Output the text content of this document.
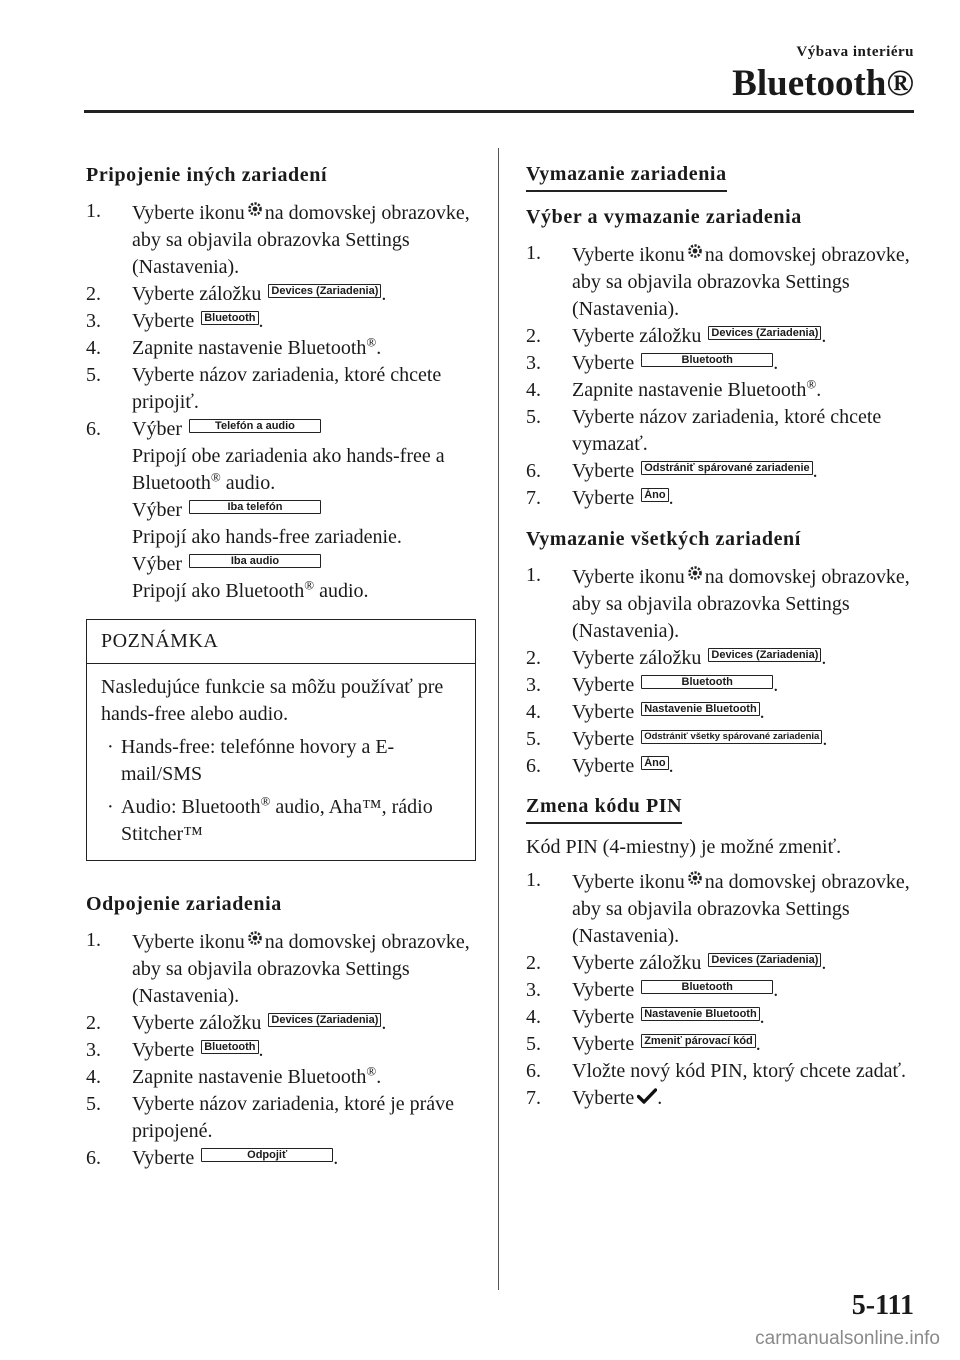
Výbava interiéru
Bluetooth®
Pripojenie iných zariadení
1. Vyberte ikonu na domovskej obrazovke, aby sa objavila obrazovka Settings (Nastavenia).
2. Vyberte záložku Devices (Zariadenia) .
3. Vyberte Bluetooth .
4. Zapnite nastavenie Bluetooth®.
5. Vyberte názov zariadenia, ktoré chcete pripojiť.
6. Výber	Telefón a audio
Pripojí obe zariadenia ako hands-free a Bluetooth® audio.
Výber	Iba telefón
Pripojí ako hands-free zariadenie.
Výber	Iba audio
Pripojí ako Bluetooth® audio.
POZNÁMKA
Nasledujúce funkcie sa môžu používať pre hands-free alebo audio.
· Hands-free: telefónne hovory a E-mail/SMS
· Audio: Bluetooth® audio, Aha™, rádio Stitcher™
Odpojenie zariadenia
1. Vyberte ikonu na domovskej obrazovke, aby sa objavila obrazovka Settings (Nastavenia).
2. Vyberte záložku Devices (Zariadenia) .
3. Vyberte Bluetooth .
4. Zapnite nastavenie Bluetooth®.
5. Vyberte názov zariadenia, ktoré je práve pripojené.
6. Vyberte	Odpojiť .
Vymazanie zariadenia
Výber a vymazanie zariadenia
1. Vyberte ikonu na domovskej obrazovke, aby sa objavila obrazovka Settings (Nastavenia).
2. Vyberte záložku Devices (Zariadenia) .
3. Vyberte	Bluetooth .
4. Zapnite nastavenie Bluetooth®.
5. Vyberte názov zariadenia, ktoré chcete vymazať.
6. Vyberte Odstrániť spárované zariadenie .
7. Vyberte Áno .
Vymazanie všetkých zariadení
1. Vyberte ikonu na domovskej obrazovke, aby sa objavila obrazovka Settings (Nastavenia).
2. Vyberte záložku Devices (Zariadenia) .
3. Vyberte	Bluetooth .
4. Vyberte Nastavenie Bluetooth .
5. Vyberte Odstrániť všetky spárované zariadenia .
6. Vyberte Áno .
Zmena kódu PIN
Kód PIN (4-miestny) je možné zmeniť.
1. Vyberte ikonu na domovskej obrazovke, aby sa objavila obrazovka Settings (Nastavenia).
2. Vyberte záložku Devices (Zariadenia) .
3. Vyberte	Bluetooth .
4. Vyberte Nastavenie Bluetooth .
5. Vyberte Zmeniť párovací kód .
6. Vložte nový kód PIN, ktorý chcete zadať.
7. Vyberte .
5-111
carmanualsonline.info
